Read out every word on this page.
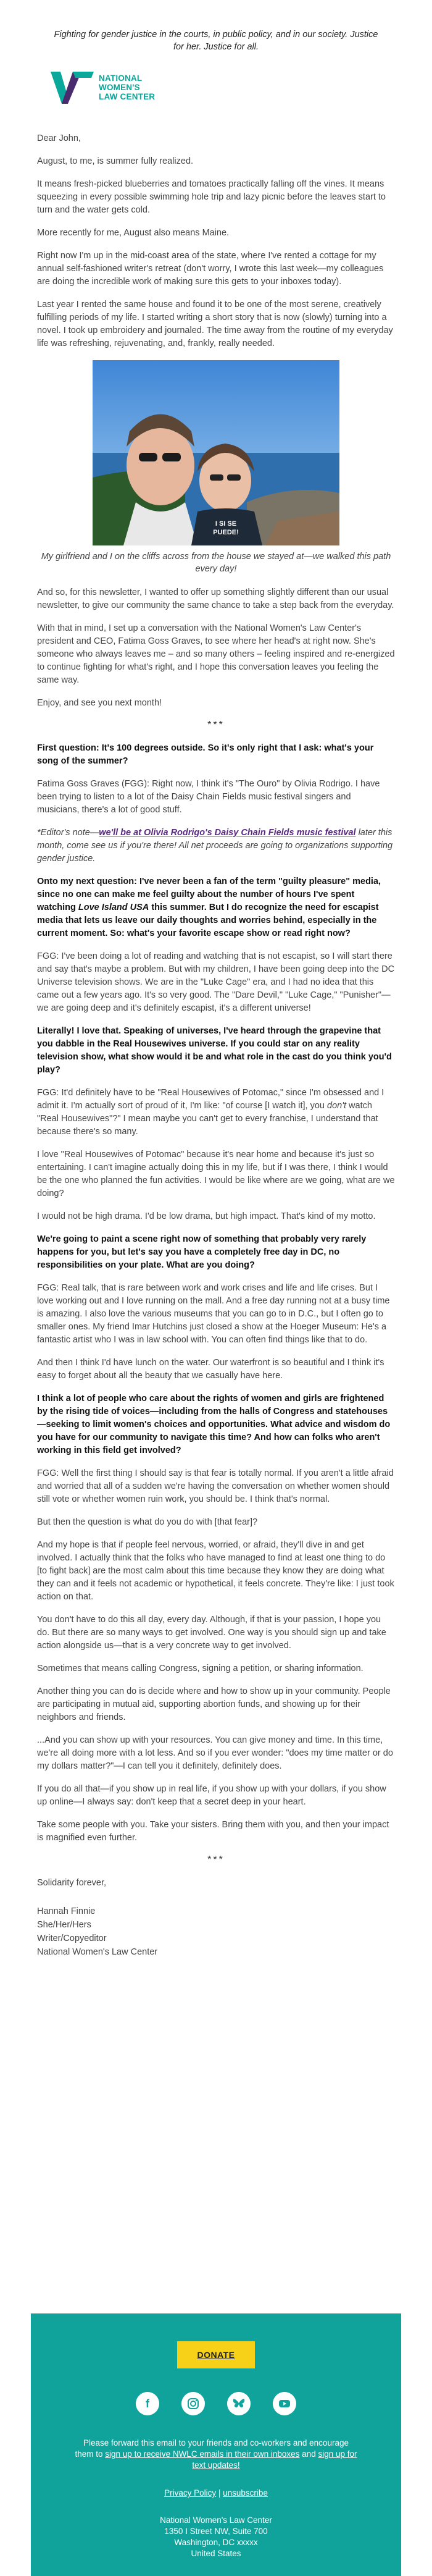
Fighting for gender justice in the courts, in public policy, and in our society. Justice for her. Justice for all.
NATIONAL
WOMEN'S
LAW CENTER

Dear John,

August, to me, is summer fully realized.

It means fresh-picked blueberries and tomatoes practically falling off the vines. It means squeezing in every possible swimming hole trip and lazy picnic before the leaves start to turn and the water gets cold.

More recently for me, August also means Maine.

Right now I'm up in the mid-coast area of the state, where I've rented a cottage for my annual self-fashioned writer's retreat (don't worry, I wrote this last week—my colleagues are doing the incredible work of making sure this gets to your inboxes today).

Last year I rented the same house and found it to be one of the most serene, creatively fulfilling periods of my life. I started writing a short story that is now (slowly) turning into a novel. I took up embroidery and journaled. The time away from the routine of my everyday life was refreshing, rejuvenating, and, frankly, really needed.

I SI SE
PUEDE!
My girlfriend and I on the cliffs across from the house we stayed at—we walked this path every day!

And so, for this newsletter, I wanted to offer up something slightly different than our usual newsletter, to give our community the same chance to take a step back from the everyday.

With that in mind, I set up a conversation with the National Women's Law Center's president and CEO, Fatima Goss Graves, to see where her head's at right now. She's someone who always leaves me – and so many others – feeling inspired and re-energized to continue fighting for what's right, and I hope this conversation leaves you feeling the same way.

Enjoy, and see you next month!

***

First question: It's 100 degrees outside. So it's only right that I ask: what's your song of the summer?

Fatima Goss Graves (FGG): Right now, I think it's "The Ouro" by Olivia Rodrigo. I have been trying to listen to a lot of the Daisy Chain Fields music festival singers and musicians, there's a lot of good stuff.

*Editor's note—we'll be at Olivia Rodrigo's Daisy Chain Fields music festival later this month, come see us if you're there! All net proceeds are going to organizations supporting gender justice.

Onto my next question: I've never been a fan of the term "guilty pleasure" media, since no one can make me feel guilty about the number of hours I've spent watching Love Island USA this summer. But I do recognize the need for escapist media that lets us leave our daily thoughts and worries behind, especially in the current moment. So: what's your favorite escape show or read right now?

FGG: I've been doing a lot of reading and watching that is not escapist, so I will start there and say that's maybe a problem. But with my children, I have been going deep into the DC Universe television shows. We are in the "Luke Cage" era, and I had no idea that this came out a few years ago. It's so very good. The "Dare Devil," "Luke Cage," "Punisher"—we are going deep and it's definitely escapist, it's a different universe!

Literally! I love that. Speaking of universes, I've heard through the grapevine that you dabble in the Real Housewives universe. If you could star on any reality television show, what show would it be and what role in the cast do you think you'd play?

FGG: It'd definitely have to be "Real Housewives of Potomac," since I'm obsessed and I admit it. I'm actually sort of proud of it, I'm like: "of course [I watch it], you don't watch "Real Housewives"?" I mean maybe you can't get to every franchise, I understand that because there's so many.

I love "Real Housewives of Potomac" because it's near home and because it's just so entertaining. I can't imagine actually doing this in my life, but if I was there, I think I would be the one who planned the fun activities. I would be like where are we going, what are we doing?

I would not be high drama. I'd be low drama, but high impact. That's kind of my motto.

We're going to paint a scene right now of something that probably very rarely happens for you, but let's say you have a completely free day in DC, no responsibilities on your plate. What are you doing?

FGG: Real talk, that is rare between work and work crises and life and life crises. But I love working out and I love running on the mall. And a free day running not at a busy time is amazing. I also love the various museums that you can go to in D.C., but I often go to smaller ones. My friend Imar Hutchins just closed a show at the Hoeger Museum: He's a fantastic artist who I was in law school with. You can often find things like that to do.

And then I think I'd have lunch on the water. Our waterfront is so beautiful and I think it's easy to forget about all the beauty that we casually have here.

I think a lot of people who care about the rights of women and girls are frightened by the rising tide of voices—including from the halls of Congress and statehouses—seeking to limit women's choices and opportunities. What advice and wisdom do you have for our community to navigate this time? And how can folks who aren't working in this field get involved?

FGG: Well the first thing I should say is that fear is totally normal. If you aren't a little afraid and worried that all of a sudden we're having the conversation on whether women should still vote or whether women ruin work, you should be. I think that's normal.

But then the question is what do you do with [that fear]?

And my hope is that if people feel nervous, worried, or afraid, they'll dive in and get involved. I actually think that the folks who have managed to find at least one thing to do [to fight back] are the most calm about this time because they know they are doing what they can and it feels not academic or hypothetical, it feels concrete. They're like: I just took action on that.

You don't have to do this all day, every day. Although, if that is your passion, I hope you do. But there are so many ways to get involved. One way is you should sign up and take action alongside us—that is a very concrete way to get involved.

Sometimes that means calling Congress, signing a petition, or sharing information.

Another thing you can do is decide where and how to show up in your community. People are participating in mutual aid, supporting abortion funds, and showing up for their neighbors and friends.

...And you can show up with your resources. You can give money and time. In this time, we're all doing more with a lot less. And so if you ever wonder: "does my time matter or do my dollars matter?"—I can tell you it definitely, definitely does.

If you do all that—if you show up in real life, if you show up with your dollars, if you show up online—I always say: don't keep that a secret deep in your heart.

Take some people with you. Take your sisters. Bring them with you, and then your impact is magnified even further.

***

Solidarity forever,

Hannah Finnie
She/Her/Hers
Writer/Copyeditor
National Women's Law Center
DONATE
f
Please forward this email to your friends and co-workers and encourage them to sign up to receive NWLC emails in their own inboxes and sign up for text updates!
Privacy Policy | unsubscribe
National Women's Law Center
1350 I Street NW, Suite 700
Washington, DC xxxxx
United States
